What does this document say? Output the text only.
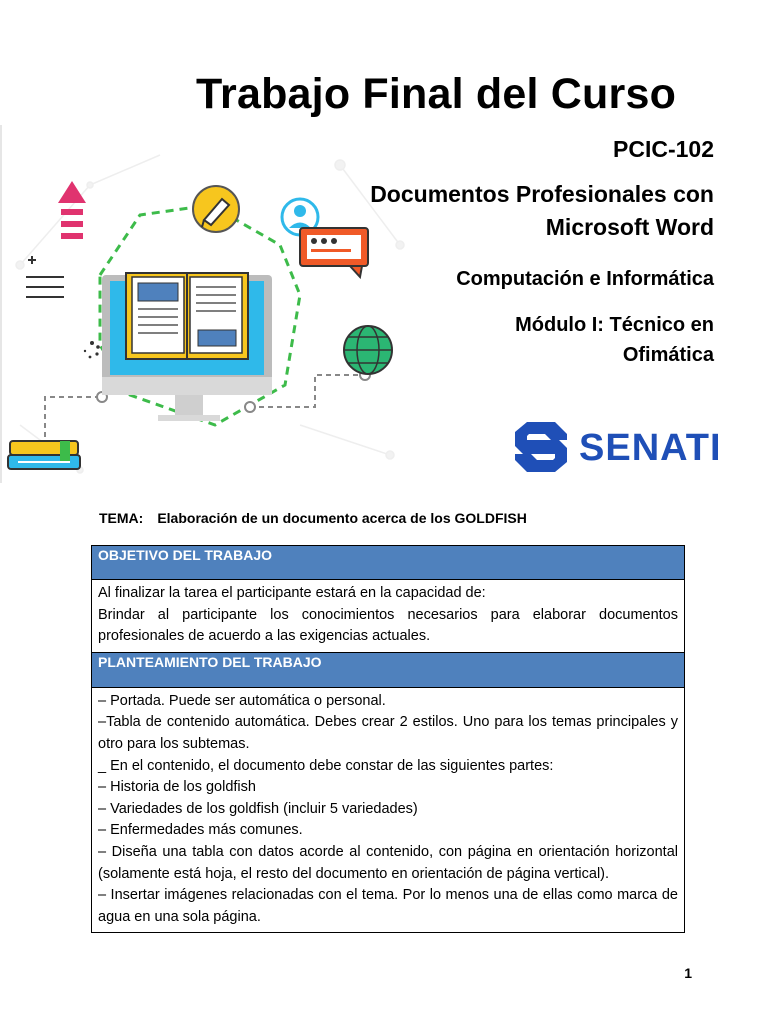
Trabajo Final del Curso
PCIC-102
Documentos Profesionales con
Microsoft Word
Computación e Informática
Módulo I: Técnico en
Ofimática
SENATI
TEMA: Elaboración de un documento acerca de los GOLDFISH
OBJETIVO DEL TRABAJO

Al finalizar la tarea el participante estará en la capacidad de:

Brindar al participante los conocimientos necesarios para elaborar documentos profesionales de acuerdo a las exigencias actuales.

PLANTEAMIENTO DEL TRABAJO

– Portada. Puede ser automática o personal.

–Tabla de contenido automática. Debes crear 2 estilos. Uno para los temas principales y otro para los subtemas.

_ En el contenido, el documento debe constar de las siguientes partes:

– Historia de los goldfish

– Variedades de los goldfish (incluir 5 variedades)

– Enfermedades más comunes.

– Diseña una tabla con datos acorde al contenido, con página en orientación horizontal (solamente está hoja, el resto del documento en orientación de página vertical).

– Insertar imágenes relacionadas con el tema. Por lo menos una de ellas como marca de agua en una sola página.

1
